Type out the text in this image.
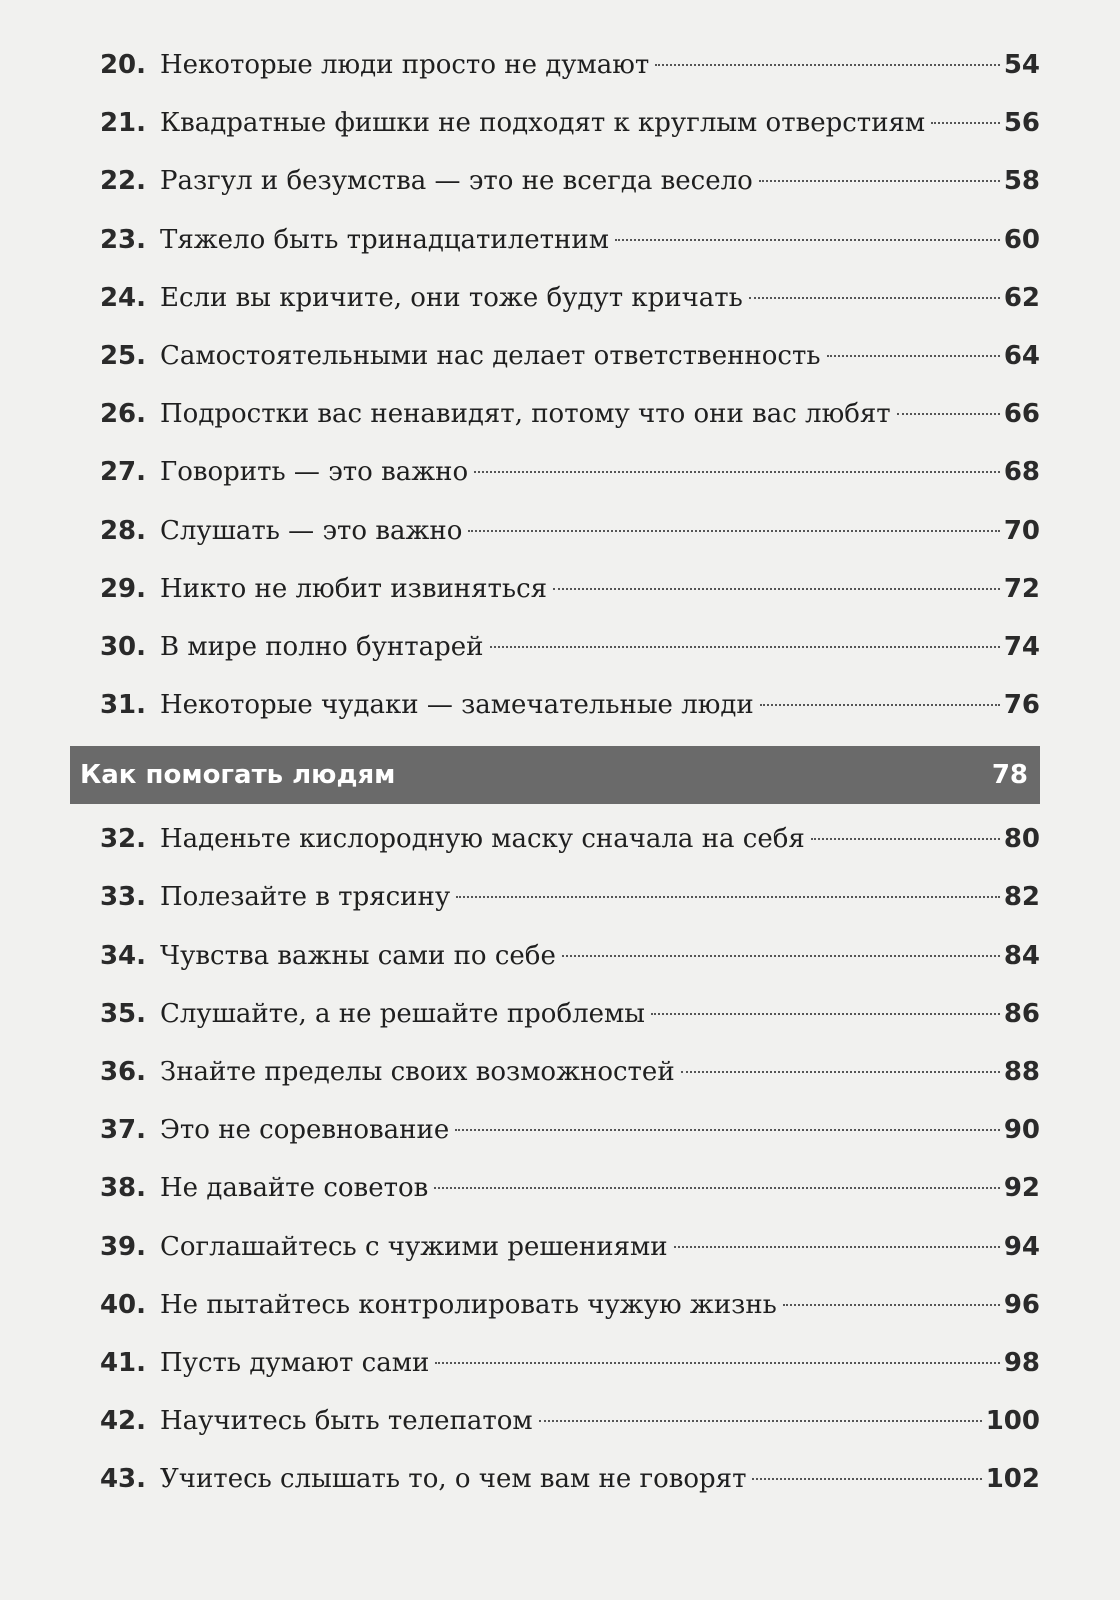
20. Некоторые люди просто не думают	54
21. Квадратные фишки не подходят к круглым отверстиям	56
22. Разгул и безумства — это не всегда весело	58
23. Тяжело быть тринадцатилетним	60
24. Если вы кричите, они тоже будут кричать	62
25. Самостоятельными нас делает ответственность	64
26. Подростки вас ненавидят, потому что они вас любят	66
27. Говорить — это важно	68
28. Слушать — это важно	70
29. Никто не любит извиняться	72
30. В мире полно бунтарей	74
31. Некоторые чудаки — замечательные люди	76
Как помогать людям	78
32. Наденьте кислородную маску сначала на себя	80
33. Полезайте в трясину	82
34. Чувства важны сами по себе	84
35. Слушайте, а не решайте проблемы	86
36. Знайте пределы своих возможностей	88
37. Это не соревнование	90
38. Не давайте советов	92
39. Соглашайтесь с чужими решениями	94
40. Не пытайтесь контролировать чужую жизнь	96
41. Пусть думают сами	98
42. Научитесь быть телепатом	100
43. Учитесь слышать то, о чем вам не говорят	102
